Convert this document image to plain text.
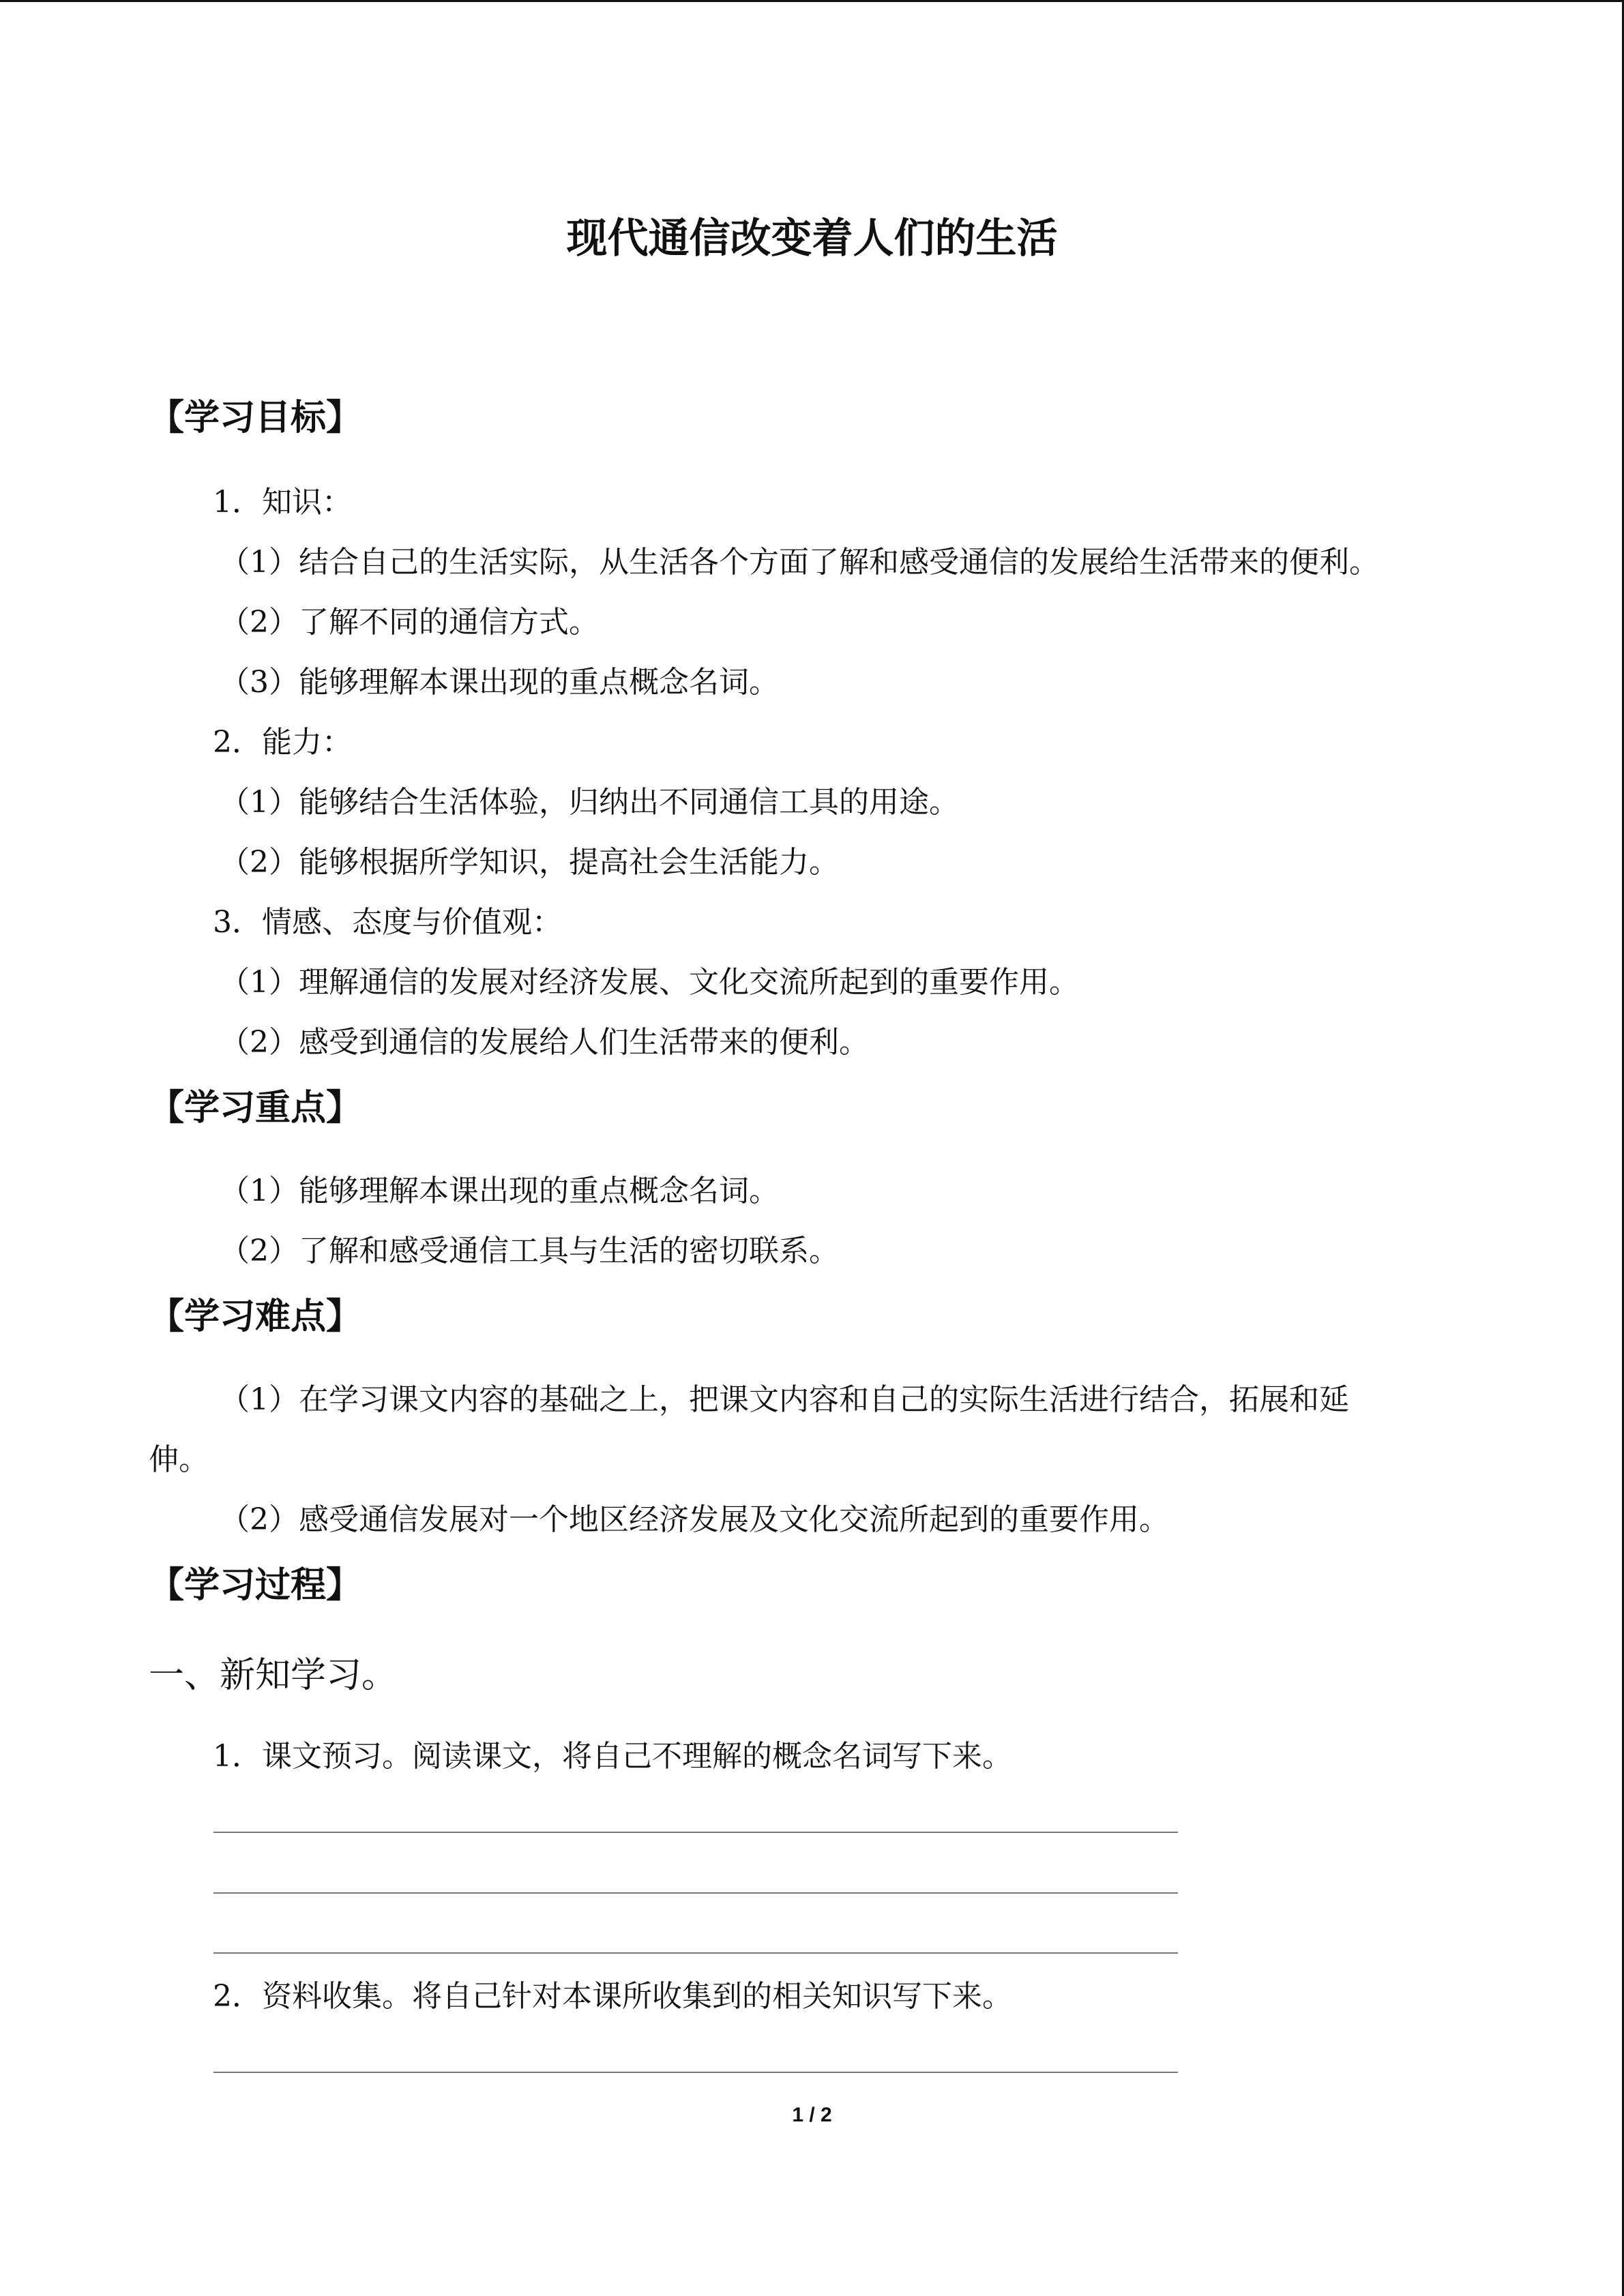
现代通信改变着人们的生活
【学习目标】
1．知识：
（1）结合自己的生活实际，从生活各个方面了解和感受通信的发展给生活带来的便利。
（2）了解不同的通信方式。
（3）能够理解本课出现的重点概念名词。
2．能力：
（1）能够结合生活体验，归纳出不同通信工具的用途。
（2）能够根据所学知识，提高社会生活能力。
3．情感、态度与价值观：
（1）理解通信的发展对经济发展、文化交流所起到的重要作用。
（2）感受到通信的发展给人们生活带来的便利。
【学习重点】
（1）能够理解本课出现的重点概念名词。
（2）了解和感受通信工具与生活的密切联系。
【学习难点】
（1）在学习课文内容的基础之上，把课文内容和自己的实际生活进行结合，拓展和延
伸。
（2）感受通信发展对一个地区经济发展及文化交流所起到的重要作用。
【学习过程】
一、新知学习。
1．课文预习。阅读课文，将自己不理解的概念名词写下来。
2．资料收集。将自己针对本课所收集到的相关知识写下来。
1 / 2
